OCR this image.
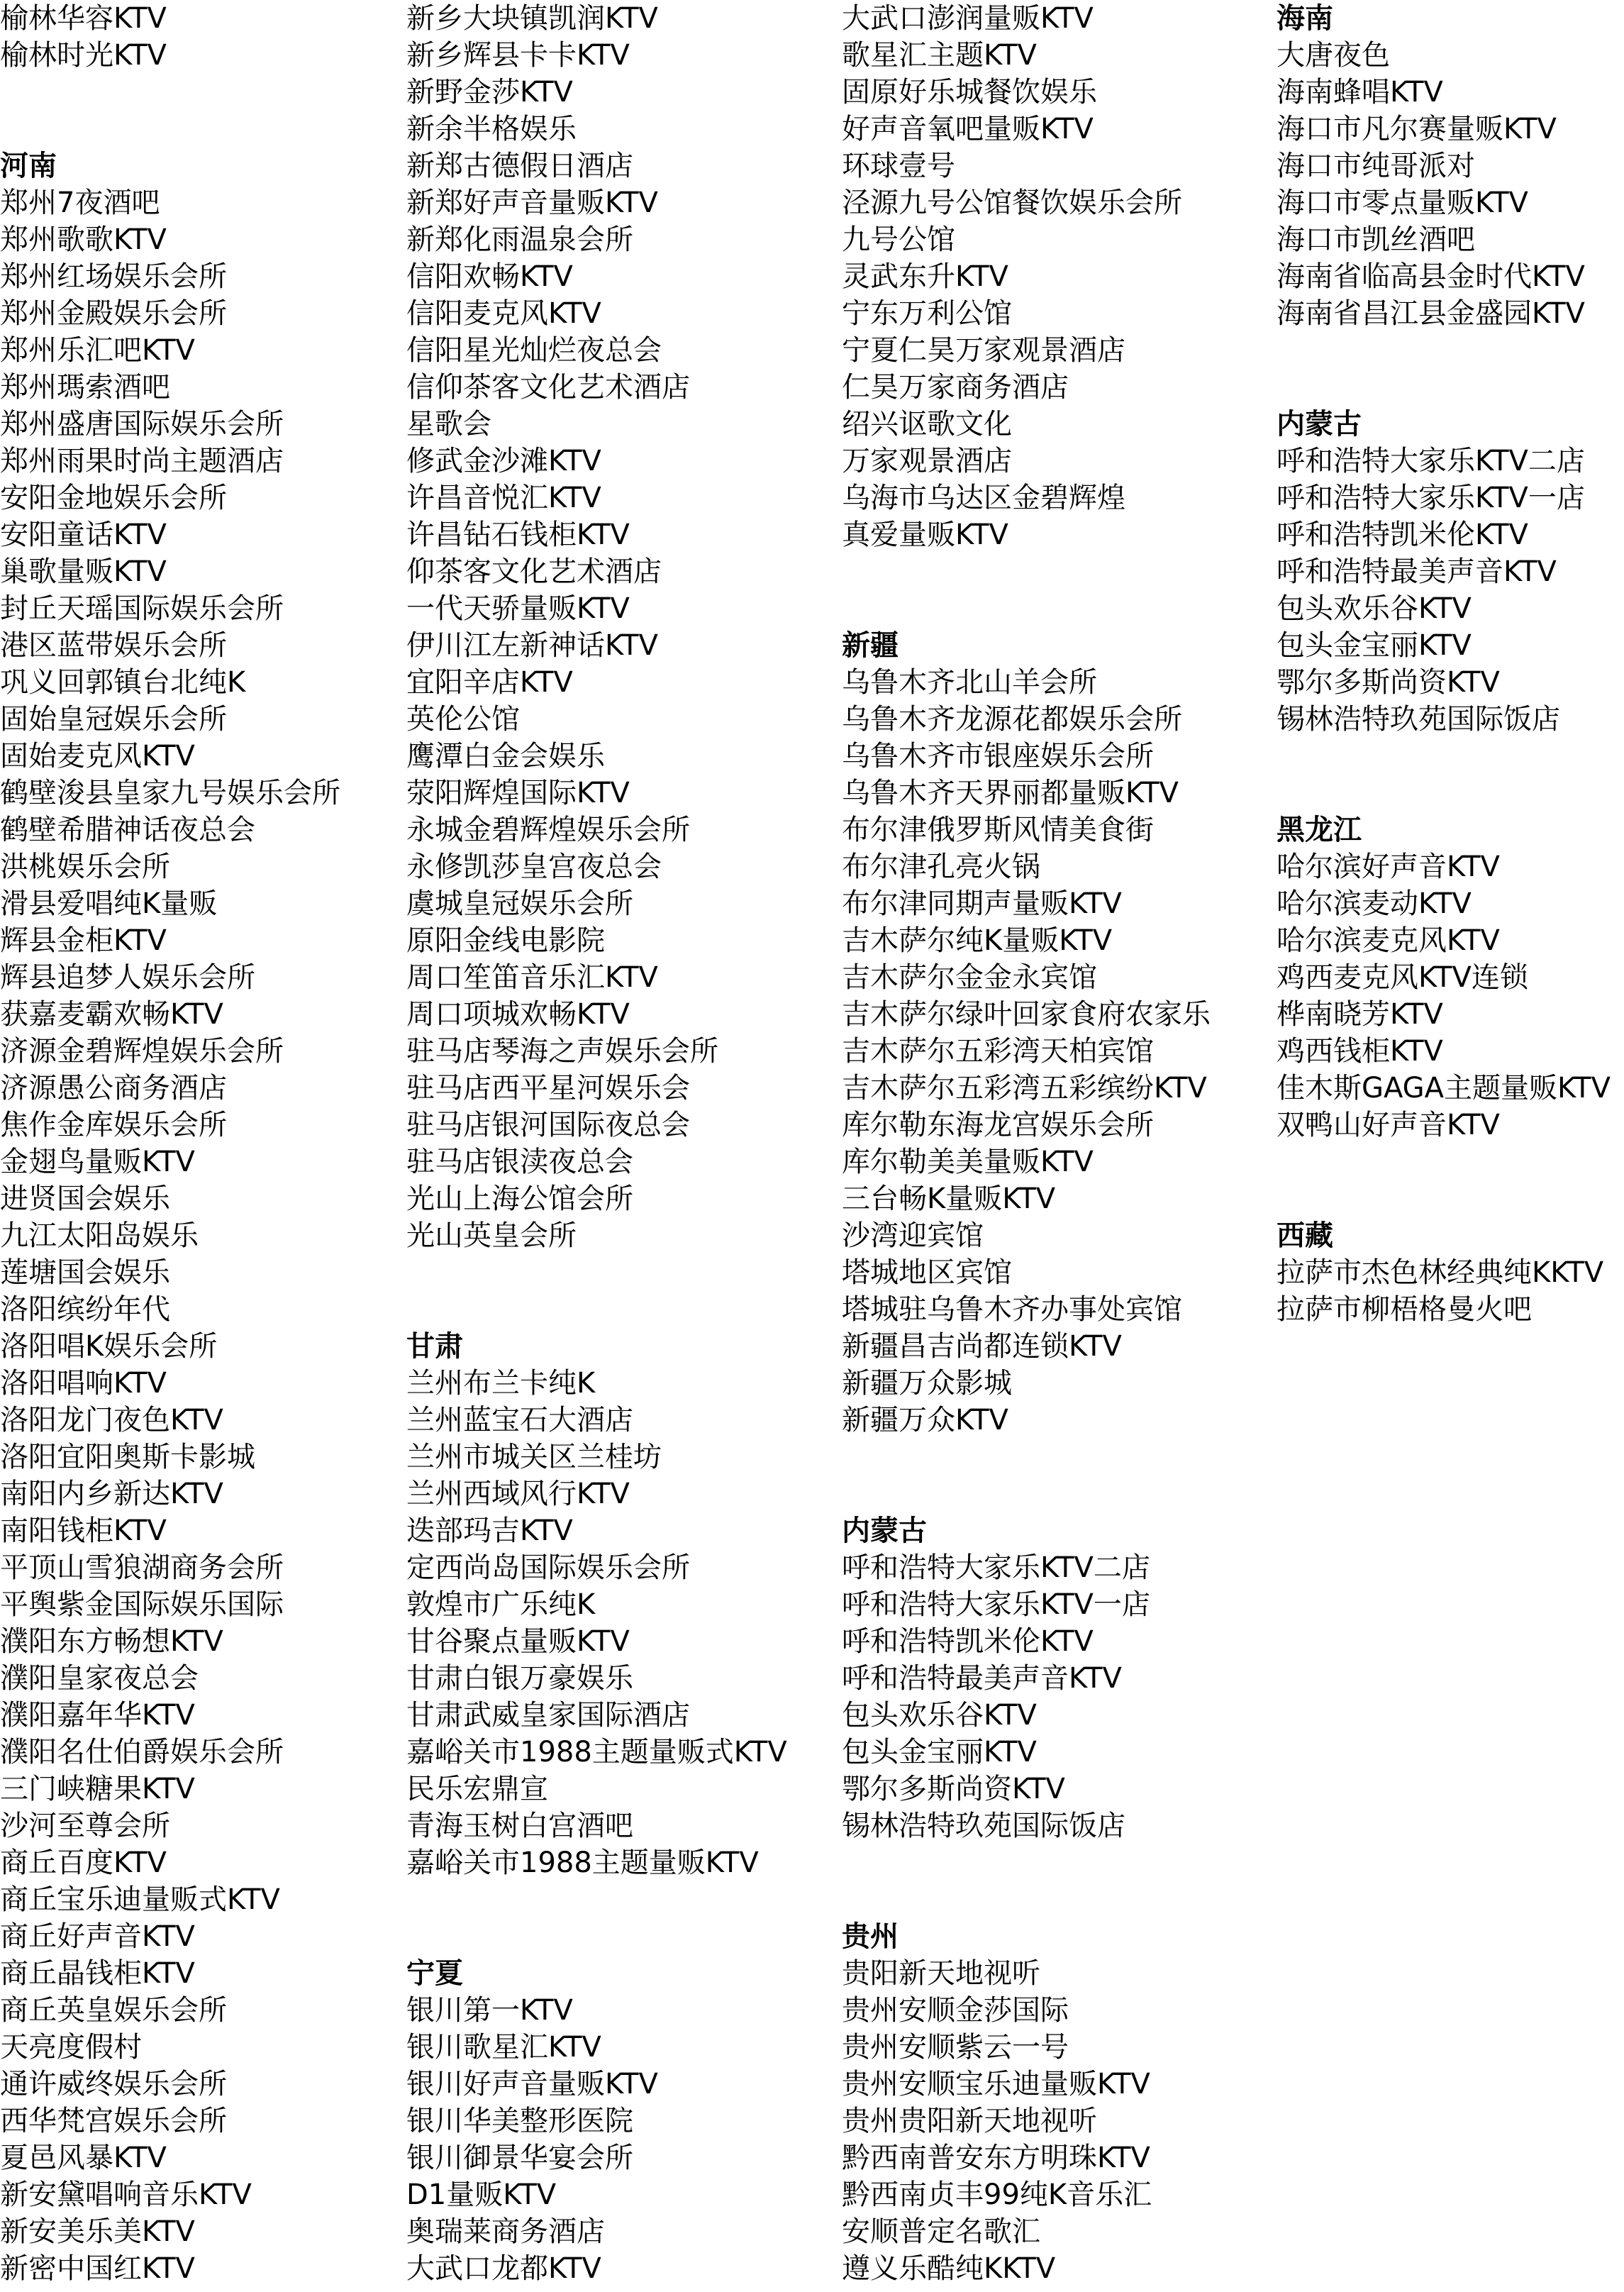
榆林华容KTV
榆林时光KTV
河南
郑州7夜酒吧
郑州歌歌KTV
郑州红场娱乐会所
郑州金殿娱乐会所
郑州乐汇吧KTV
郑州瑪索酒吧
郑州盛唐国际娱乐会所
郑州雨果时尚主题酒店
安阳金地娱乐会所
安阳童话KTV
巢歌量贩KTV
封丘天瑶国际娱乐会所
港区蓝带娱乐会所
巩义回郭镇台北纯K
固始皇冠娱乐会所
固始麦克风KTV
鹤壁浚县皇家九号娱乐会所
鹤壁希腊神话夜总会
洪桃娱乐会所
滑县爱唱纯K量贩
辉县金柜KTV
辉县追梦人娱乐会所
获嘉麦霸欢畅KTV
济源金碧辉煌娱乐会所
济源愚公商务酒店
焦作金库娱乐会所
金翅鸟量贩KTV
进贤国会娱乐
九江太阳岛娱乐
莲塘国会娱乐
洛阳缤纷年代
洛阳唱K娱乐会所
洛阳唱响KTV
洛阳龙门夜色KTV
洛阳宜阳奥斯卡影城
南阳内乡新达KTV
南阳钱柜KTV
平顶山雪狼湖商务会所
平舆紫金国际娱乐国际
濮阳东方畅想KTV
濮阳皇家夜总会
濮阳嘉年华KTV
濮阳名仕伯爵娱乐会所
三门峡糖果KTV
沙河至尊会所
商丘百度KTV
商丘宝乐迪量贩式KTV
商丘好声音KTV
商丘晶钱柜KTV
商丘英皇娱乐会所
天亮度假村
通许威终娱乐会所
西华梵宫娱乐会所
夏邑风暴KTV
新安黛唱响音乐KTV
新安美乐美KTV
新密中国红KTV
新乡大块镇凯润KTV
新乡辉县卡卡KTV
新野金莎KTV
新余半格娱乐
新郑古德假日酒店
新郑好声音量贩KTV
新郑化雨温泉会所
信阳欢畅KTV
信阳麦克风KTV
信阳星光灿烂夜总会
信仰茶客文化艺术酒店
星歌会
修武金沙滩KTV
许昌音悦汇KTV
许昌钻石钱柜KTV
仰茶客文化艺术酒店
一代天骄量贩KTV
伊川江左新神话KTV
宜阳辛店KTV
英伦公馆
鹰潭白金会娱乐
荥阳辉煌国际KTV
永城金碧辉煌娱乐会所
永修凯莎皇宫夜总会
虞城皇冠娱乐会所
原阳金线电影院
周口笙笛音乐汇KTV
周口项城欢畅KTV
驻马店琴海之声娱乐会所
驻马店西平星河娱乐会
驻马店银河国际夜总会
驻马店银渎夜总会
光山上海公馆会所
光山英皇会所
甘肃
兰州布兰卡纯K
兰州蓝宝石大酒店
兰州市城关区兰桂坊
兰州西域风行KTV
迭部玛吉KTV
定西尚岛国际娱乐会所
敦煌市广乐纯K
甘谷聚点量贩KTV
甘肃白银万豪娱乐
甘肃武威皇家国际酒店
嘉峪关市1988主题量贩式KTV
民乐宏鼎宣
青海玉树白宫酒吧
嘉峪关市1988主题量贩KTV
宁夏
银川第一KTV
银川歌星汇KTV
银川好声音量贩KTV
银川华美整形医院
银川御景华宴会所
D1量贩KTV
奥瑞莱商务酒店
大武口龙都KTV
大武口澎润量贩KTV
歌星汇主题KTV
固原好乐城餐饮娱乐
好声音氧吧量贩KTV
环球壹号
泾源九号公馆餐饮娱乐会所
九号公馆
灵武东升KTV
宁东万利公馆
宁夏仁昊万家观景酒店
仁昊万家商务酒店
绍兴讴歌文化
万家观景酒店
乌海市乌达区金碧辉煌
真爱量贩KTV
新疆
乌鲁木齐北山羊会所
乌鲁木齐龙源花都娱乐会所
乌鲁木齐市银座娱乐会所
乌鲁木齐天界丽都量贩KTV
布尔津俄罗斯风情美食街
布尔津孔亮火锅
布尔津同期声量贩KTV
吉木萨尔纯K量贩KTV
吉木萨尔金金永宾馆
吉木萨尔绿叶回家食府农家乐
吉木萨尔五彩湾天柏宾馆
吉木萨尔五彩湾五彩缤纷KTV
库尔勒东海龙宫娱乐会所
库尔勒美美量贩KTV
三台畅K量贩KTV
沙湾迎宾馆
塔城地区宾馆
塔城驻乌鲁木齐办事处宾馆
新疆昌吉尚都连锁KTV
新疆万众影城
新疆万众KTV
内蒙古
呼和浩特大家乐KTV二店
呼和浩特大家乐KTV一店
呼和浩特凯米伦KTV
呼和浩特最美声音KTV
包头欢乐谷KTV
包头金宝丽KTV
鄂尔多斯尚资KTV
锡林浩特玖苑国际饭店
贵州
贵阳新天地视听
贵州安顺金莎国际
贵州安顺紫云一号
贵州安顺宝乐迪量贩KTV
贵州贵阳新天地视听
黔西南普安东方明珠KTV
黔西南贞丰99纯K音乐汇
安顺普定名歌汇
遵义乐酷纯KKTV
海南
大唐夜色
海南蜂唱KTV
海口市凡尔赛量贩KTV
海口市纯哥派对
海口市零点量贩KTV
海口市凯丝酒吧
海南省临高县金时代KTV
海南省昌江县金盛园KTV
内蒙古
呼和浩特大家乐KTV二店
呼和浩特大家乐KTV一店
呼和浩特凯米伦KTV
呼和浩特最美声音KTV
包头欢乐谷KTV
包头金宝丽KTV
鄂尔多斯尚资KTV
锡林浩特玖苑国际饭店
黑龙江
哈尔滨好声音KTV
哈尔滨麦动KTV
哈尔滨麦克风KTV
鸡西麦克风KTV连锁
桦南晓芳KTV
鸡西钱柜KTV
佳木斯GAGA主题量贩KTV
双鸭山好声音KTV
西藏
拉萨市杰色林经典纯KKTV
拉萨市柳梧格曼火吧
